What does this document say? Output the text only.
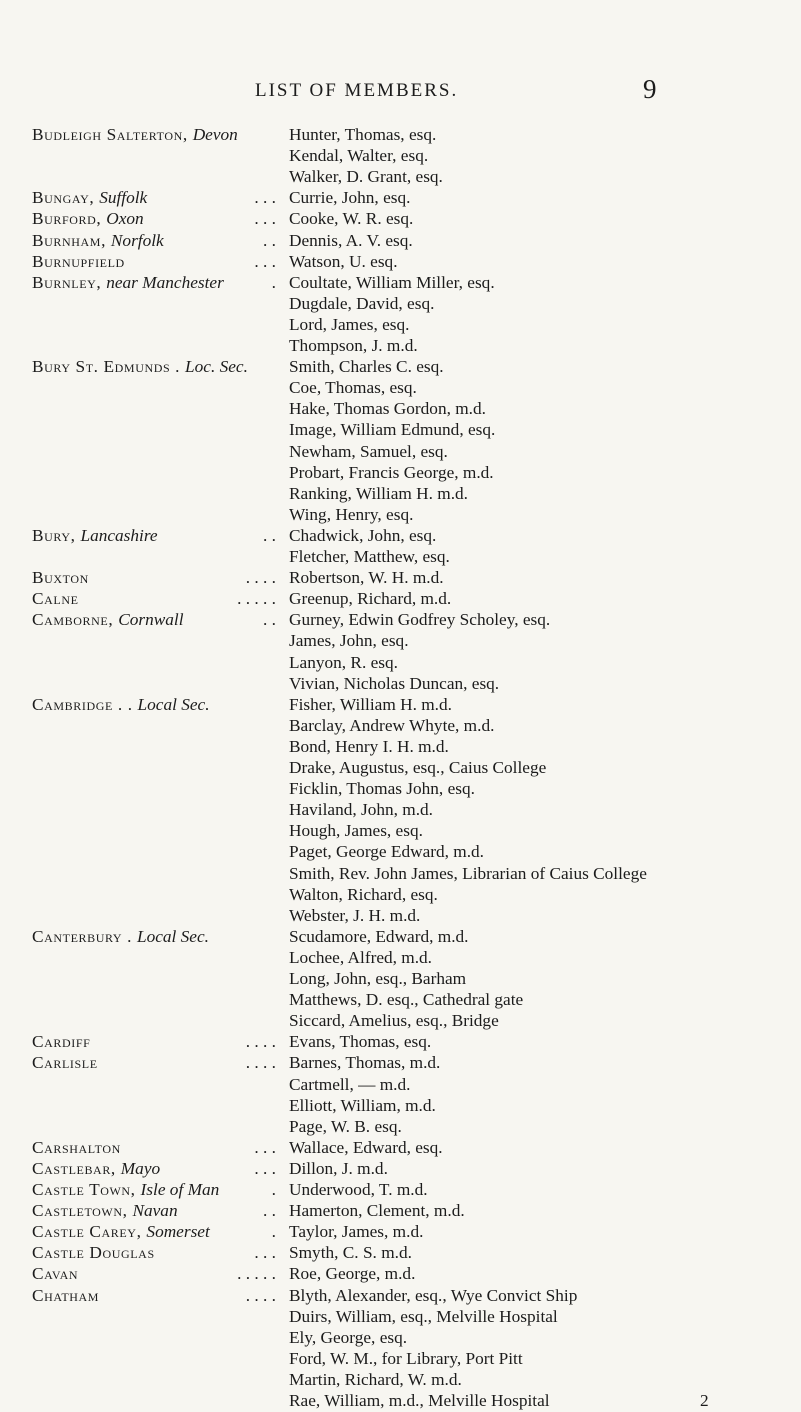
LIST OF MEMBERS.	9
Budleigh Salterton, Devon	Hunter, Thomas, esq.
Kendal, Walter, esq.
Walker, D. Grant, esq.
Bungay, Suffolk	. . . Currie, John, esq.
Burford, Oxon	. . . Cooke, W. R. esq.
Burnham, Norfolk	. . Dennis, A. V. esq.
Burnupfield	. . . Watson, U. esq.
Burnley, near Manchester	. Coultate, William Miller, esq.
Dugdale, David, esq.
Lord, James, esq.
Thompson, J. m.d.
Bury St. Edmunds . Loc. Sec.	Smith, Charles C. esq.
Coe, Thomas, esq.
Hake, Thomas Gordon, m.d.
Image, William Edmund, esq.
Newham, Samuel, esq.
Probart, Francis George, m.d.
Ranking, William H. m.d.
Wing, Henry, esq.
Bury, Lancashire	. . Chadwick, John, esq.
Fletcher, Matthew, esq.
Buxton	. . . . Robertson, W. H. m.d.
Calne	. . . . . Greenup, Richard, m.d.
Camborne, Cornwall	. . Gurney, Edwin Godfrey Scholey, esq.
James, John, esq.
Lanyon, R. esq.
Vivian, Nicholas Duncan, esq.
Cambridge . . Local Sec.	Fisher, William H. m.d.
Barclay, Andrew Whyte, m.d.
Bond, Henry I. H. m.d.
Drake, Augustus, esq., Caius College
Ficklin, Thomas John, esq.
Haviland, John, m.d.
Hough, James, esq.
Paget, George Edward, m.d.
Smith, Rev. John James, Librarian of Caius College
Walton, Richard, esq.
Webster, J. H. m.d.
Canterbury . Local Sec.	Scudamore, Edward, m.d.
Lochee, Alfred, m.d.
Long, John, esq., Barham
Matthews, D. esq., Cathedral gate
Siccard, Amelius, esq., Bridge
Cardiff	. . . . Evans, Thomas, esq.
Carlisle	. . . . Barnes, Thomas, m.d.
Cartmell, — m.d.
Elliott, William, m.d.
Page, W. B. esq.
Carshalton	. . . Wallace, Edward, esq.
Castlebar, Mayo	. . . Dillon, J. m.d.
Castle Town, Isle of Man	. Underwood, T. m.d.
Castletown, Navan	. . Hamerton, Clement, m.d.
Castle Carey, Somerset	. Taylor, James, m.d.
Castle Douglas	. . . Smyth, C. S. m.d.
Cavan	. . . . . Roe, George, m.d.
Chatham	. . . . Blyth, Alexander, esq., Wye Convict Ship
Duirs, William, esq., Melville Hospital
Ely, George, esq.
Ford, W. M., for Library, Port Pitt
Martin, Richard, W. m.d.
Rae, William, m.d., Melville Hospital	2
